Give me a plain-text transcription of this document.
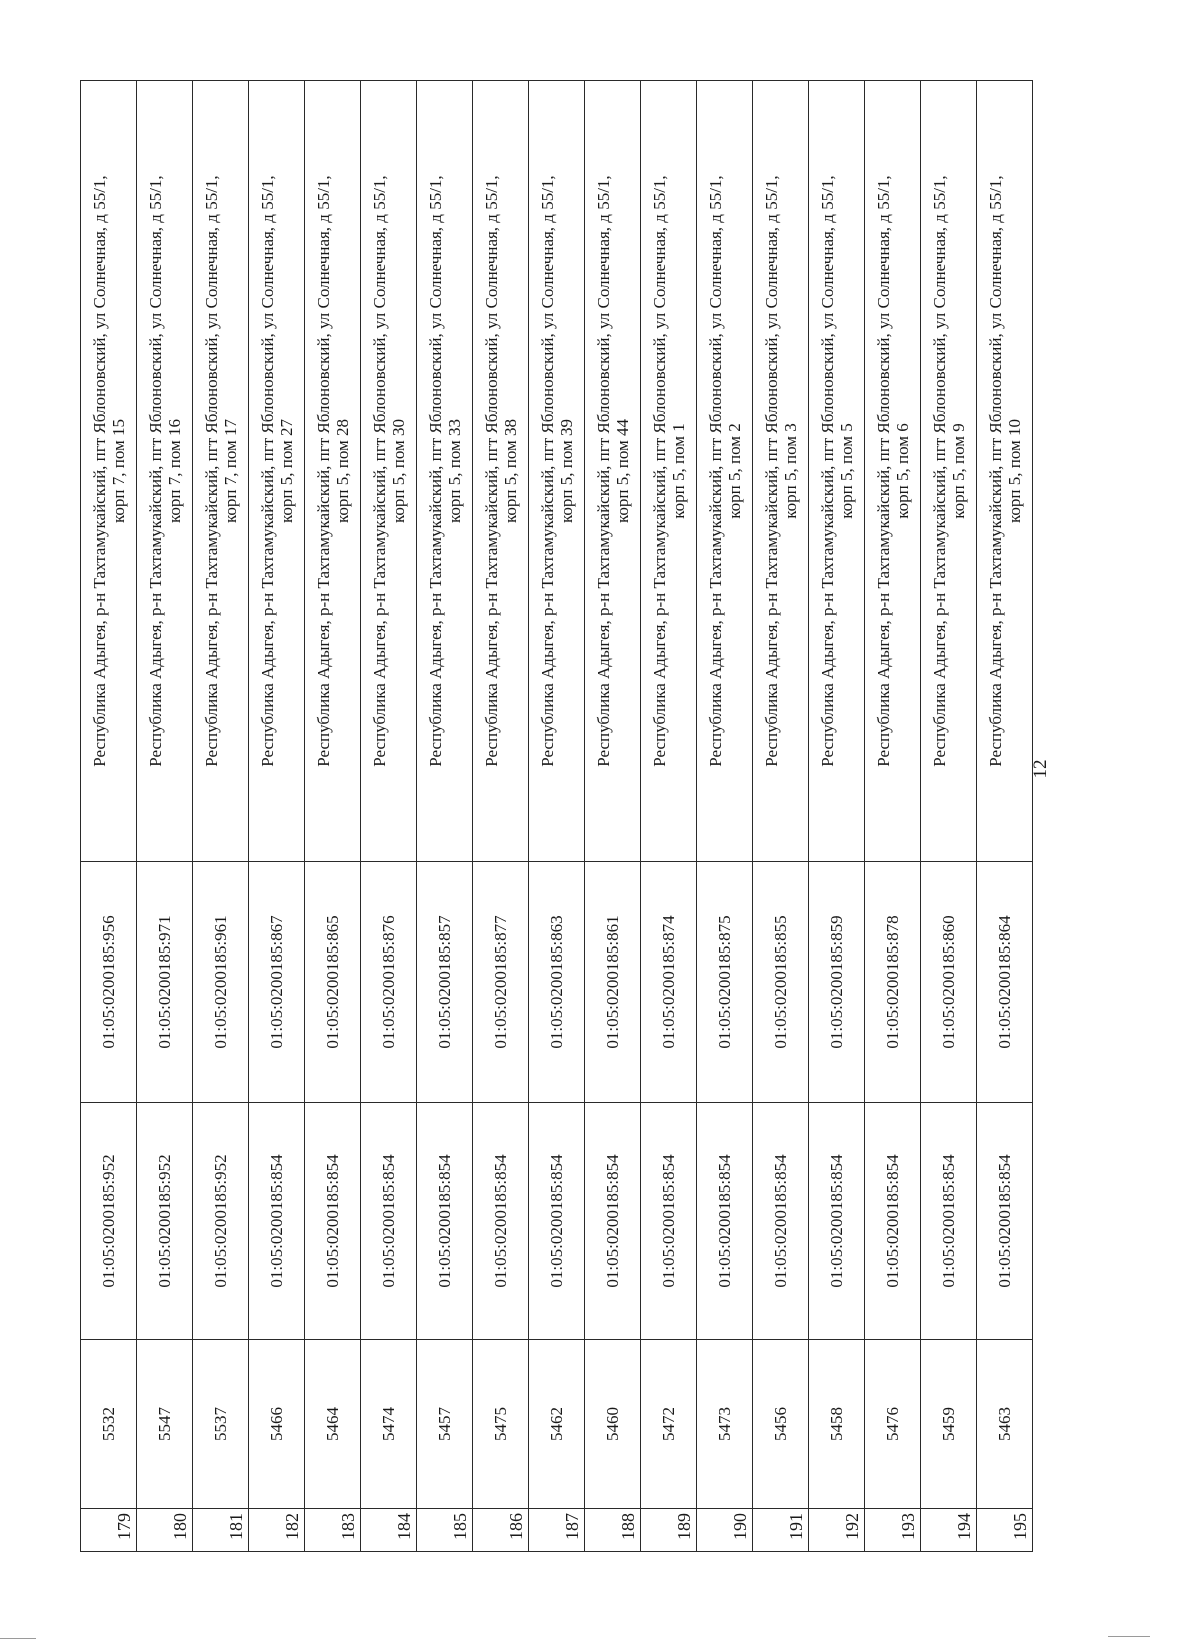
179	5532	01:05:0200185:952	01:05:0200185:956	Республика Адыгея, р-н Тахтамукайский, пгт Яблоновский, ул Солнечная, д 55/1, корп 7, пом 15

180	5547	01:05:0200185:952	01:05:0200185:971	Республика Адыгея, р-н Тахтамукайский, пгт Яблоновский, ул Солнечная, д 55/1, корп 7, пом 16

181	5537	01:05:0200185:952	01:05:0200185:961	Республика Адыгея, р-н Тахтамукайский, пгт Яблоновский, ул Солнечная, д 55/1, корп 7, пом 17

182	5466	01:05:0200185:854	01:05:0200185:867	Республика Адыгея, р-н Тахтамукайский, пгт Яблоновский, ул Солнечная, д 55/1, корп 5, пом 27

183	5464	01:05:0200185:854	01:05:0200185:865	Республика Адыгея, р-н Тахтамукайский, пгт Яблоновский, ул Солнечная, д 55/1, корп 5, пом 28

184	5474	01:05:0200185:854	01:05:0200185:876	Республика Адыгея, р-н Тахтамукайский, пгт Яблоновский, ул Солнечная, д 55/1, корп 5, пом 30

185	5457	01:05:0200185:854	01:05:0200185:857	Республика Адыгея, р-н Тахтамукайский, пгт Яблоновский, ул Солнечная, д 55/1, корп 5, пом 33

186	5475	01:05:0200185:854	01:05:0200185:877	Республика Адыгея, р-н Тахтамукайский, пгт Яблоновский, ул Солнечная, д 55/1, корп 5, пом 38

187	5462	01:05:0200185:854	01:05:0200185:863	Республика Адыгея, р-н Тахтамукайский, пгт Яблоновский, ул Солнечная, д 55/1, корп 5, пом 39

188	5460	01:05:0200185:854	01:05:0200185:861	Республика Адыгея, р-н Тахтамукайский, пгт Яблоновский, ул Солнечная, д 55/1, корп 5, пом 44

189	5472	01:05:0200185:854	01:05:0200185:874	Республика Адыгея, р-н Тахтамукайский, пгт Яблоновский, ул Солнечная, д 55/1, корп 5, пом 1

190	5473	01:05:0200185:854	01:05:0200185:875	Республика Адыгея, р-н Тахтамукайский, пгт Яблоновский, ул Солнечная, д 55/1, корп 5, пом 2

191	5456	01:05:0200185:854	01:05:0200185:855	Республика Адыгея, р-н Тахтамукайский, пгт Яблоновский, ул Солнечная, д 55/1, корп 5, пом 3

192	5458	01:05:0200185:854	01:05:0200185:859	Республика Адыгея, р-н Тахтамукайский, пгт Яблоновский, ул Солнечная, д 55/1, корп 5, пом 5

193	5476	01:05:0200185:854	01:05:0200185:878	Республика Адыгея, р-н Тахтамукайский, пгт Яблоновский, ул Солнечная, д 55/1, корп 5, пом 6

194	5459	01:05:0200185:854	01:05:0200185:860	Республика Адыгея, р-н Тахтамукайский, пгт Яблоновский, ул Солнечная, д 55/1, корп 5, пом 9

195	5463	01:05:0200185:854	01:05:0200185:864	Республика Адыгея, р-н Тахтамукайский, пгт Яблоновский, ул Солнечная, д 55/1, корп 5, пом 10
12
